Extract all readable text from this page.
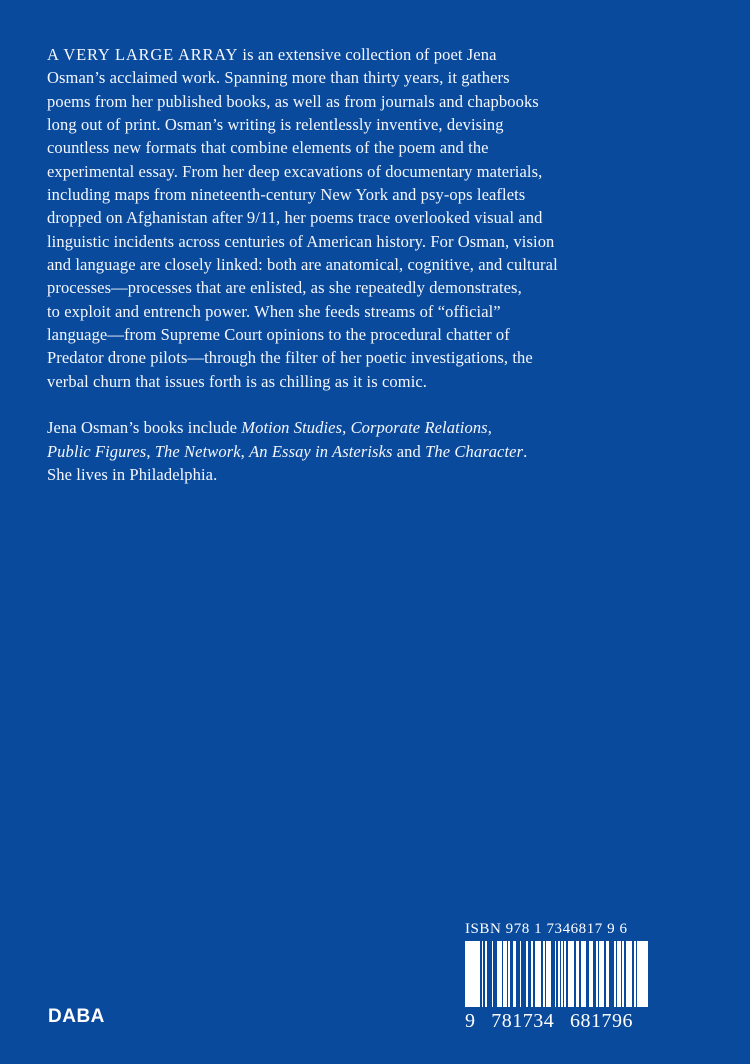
A VERY LARGE ARRAY is an extensive collection of poet Jena
Osman’s acclaimed work. Spanning more than thirty years, it gathers
poems from her published books, as well as from journals and chapbooks
long out of print. Osman’s writing is relentlessly inventive, devising
countless new formats that combine elements of the poem and the
experimental essay. From her deep excavations of documentary materials,
including maps from nineteenth-century New York and psy-ops leaflets
dropped on Afghanistan after 9/11, her poems trace overlooked visual and
linguistic incidents across centuries of American history. For Osman, vision
and language are closely linked: both are anatomical, cognitive, and cultural
processes—processes that are enlisted, as she repeatedly demonstrates,
to exploit and entrench power. When she feeds streams of “official”
language—from Supreme Court opinions to the procedural chatter of
Predator drone pilots—through the filter of her poetic investigations, the
verbal churn that issues forth is as chilling as it is comic.
Jena Osman’s books include Motion Studies, Corporate Relations,
Public Figures, The Network, An Essay in Asterisks and The Character.
She lives in Philadelphia.
DABA
ISBN 978 1 7346817 9 6
9 781734 681796
